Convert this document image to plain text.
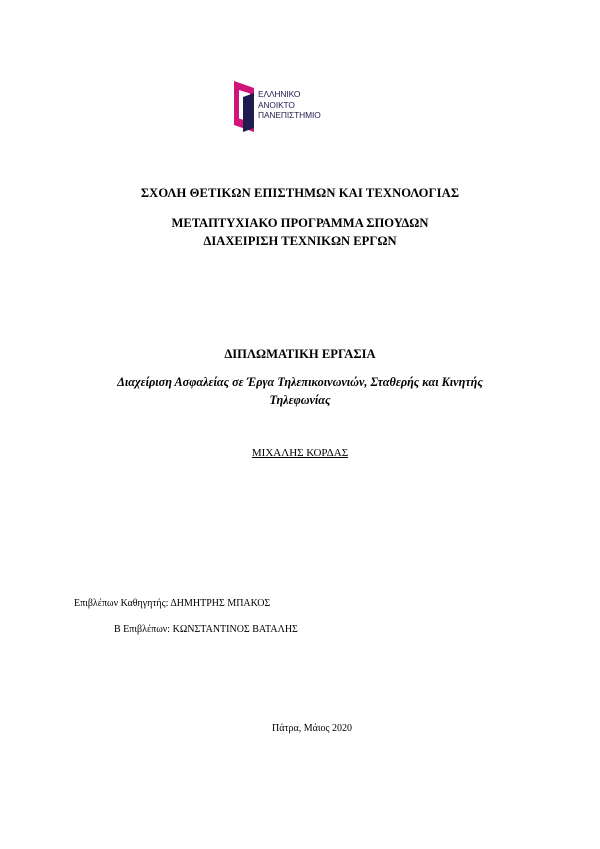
ΕΛΛΗΝΙΚΟ
ΑΝΟΙΚΤΟ
ΠΑΝΕΠΙΣΤΗΜΙΟ
ΣΧΟΛΗ ΘΕΤΙΚΩΝ ΕΠΙΣΤΗΜΩΝ ΚΑΙ ΤΕΧΝΟΛΟΓΙΑΣ
ΜΕΤΑΠΤΥΧΙΑΚΟ ΠΡΟΓΡΑΜΜΑ ΣΠΟΥΔΩΝ
ΔΙΑΧΕΙΡΙΣΗ ΤΕΧΝΙΚΩΝ ΕΡΓΩΝ
ΔΙΠΛΩΜΑΤΙΚΗ ΕΡΓΑΣΙΑ
Διαχείριση Ασφαλείας σε Έργα Τηλεπικοινωνιών, Σταθερής και Κινητής
Τηλεφωνίας
ΜΙΧΑΛΗΣ ΚΟΡΔΑΣ
Επιβλέπων Καθηγητής: ΔΗΜΗΤΡΗΣ ΜΠΑΚΟΣ
Β Επιβλέπων: ΚΩΝΣΤΑΝΤΙΝΟΣ ΒΑΤΑΛΗΣ
Πάτρα, Μάιος 2020
